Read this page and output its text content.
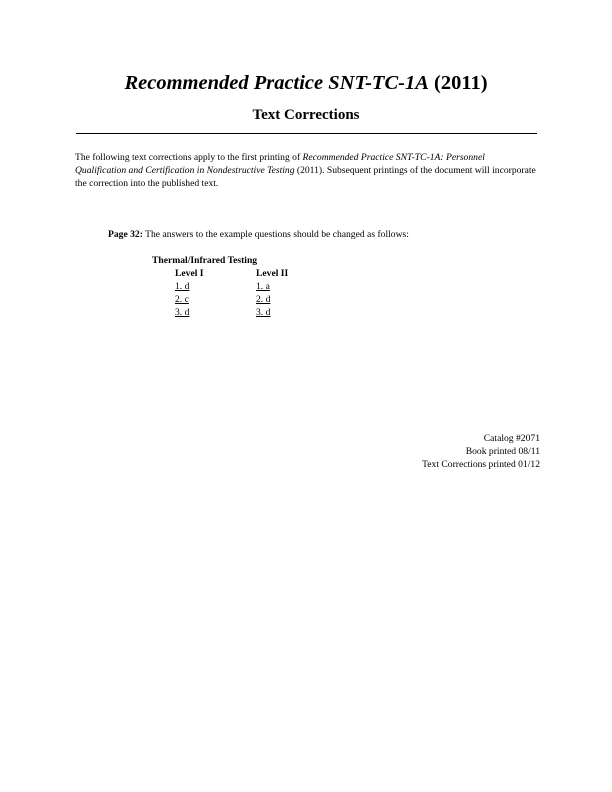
Recommended Practice SNT-TC-1A (2011)
Text Corrections

The following text corrections apply to the first printing of Recommended Practice SNT-TC-1A: Personnel Qualification and Certification in Nondestructive Testing (2011). Subsequent printings of the document will incorporate the correction into the published text.

Page 32: The answers to the example questions should be changed as follows:

Thermal/Infrared Testing

Level I	Level II
1. d	1. a
2. c	2. d
3. d	3. d
Catalog #2071
Book printed 08/11
Text Corrections printed 01/12
